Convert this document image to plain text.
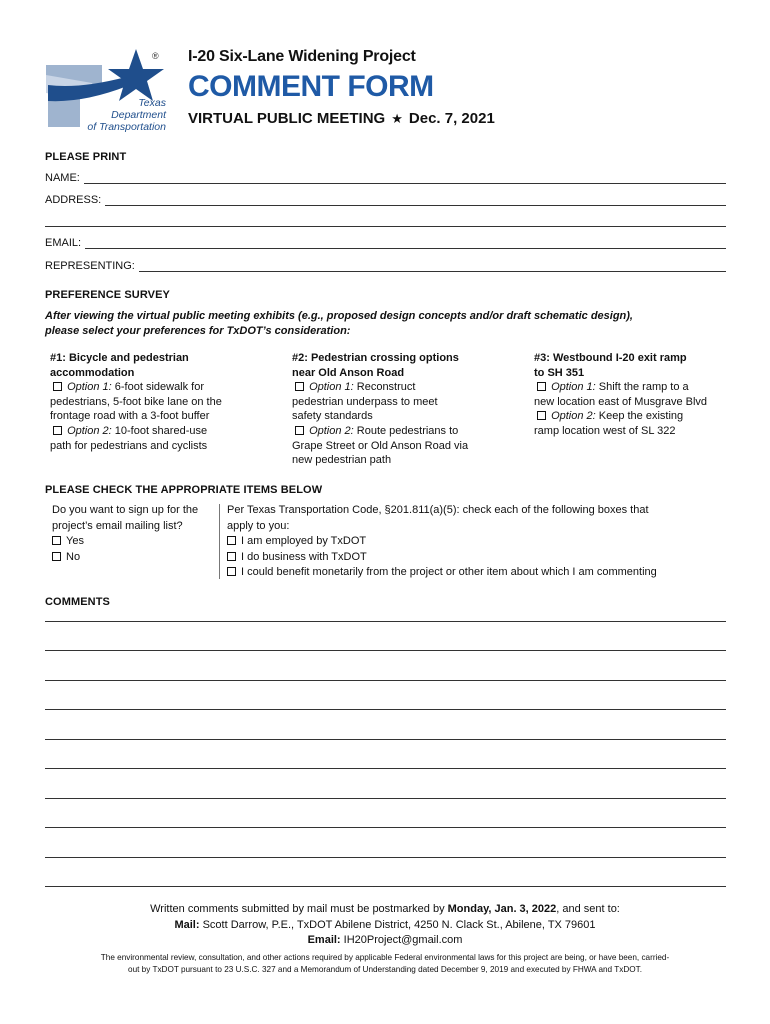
®
Texas
Department
of Transportation
I-20 Six-Lane Widening Project
COMMENT FORM
VIRTUAL PUBLIC MEETING ★ Dec. 7, 2021
PLEASE PRINT
NAME:
ADDRESS:
EMAIL:
REPRESENTING:
PREFERENCE SURVEY
After viewing the virtual public meeting exhibits (e.g., proposed design concepts and/or draft schematic design),
please select your preferences for TxDOT’s consideration:
#1: Bicycle and pedestrian
accommodation
Option 1: 6-foot sidewalk for
pedestrians, 5-foot bike lane on the
frontage road with a 3-foot buffer
Option 2: 10-foot shared-use
path for pedestrians and cyclists
#2: Pedestrian crossing options
near Old Anson Road
Option 1: Reconstruct
pedestrian underpass to meet
safety standards
Option 2: Route pedestrians to
Grape Street or Old Anson Road via
new pedestrian path
#3: Westbound I-20 exit ramp
to SH 351
Option 1: Shift the ramp to a
new location east of Musgrave Blvd
Option 2: Keep the existing
ramp location west of SL 322
PLEASE CHECK THE APPROPRIATE ITEMS BELOW
Do you want to sign up for the
project’s email mailing list?
Yes
No
Per Texas Transportation Code, §201.811(a)(5): check each of the following boxes that
apply to you:
I am employed by TxDOT
I do business with TxDOT
I could benefit monetarily from the project or other item about which I am commenting
COMMENTS
Written comments submitted by mail must be postmarked by Monday, Jan. 3, 2022, and sent to:
Mail: Scott Darrow, P.E., TxDOT Abilene District, 4250 N. Clack St., Abilene, TX 79601
Email: IH20Project@gmail.com
The environmental review, consultation, and other actions required by applicable Federal environmental laws for this project are being, or have been, carried-
out by TxDOT pursuant to 23 U.S.C. 327 and a Memorandum of Understanding dated December 9, 2019 and executed by FHWA and TxDOT.
